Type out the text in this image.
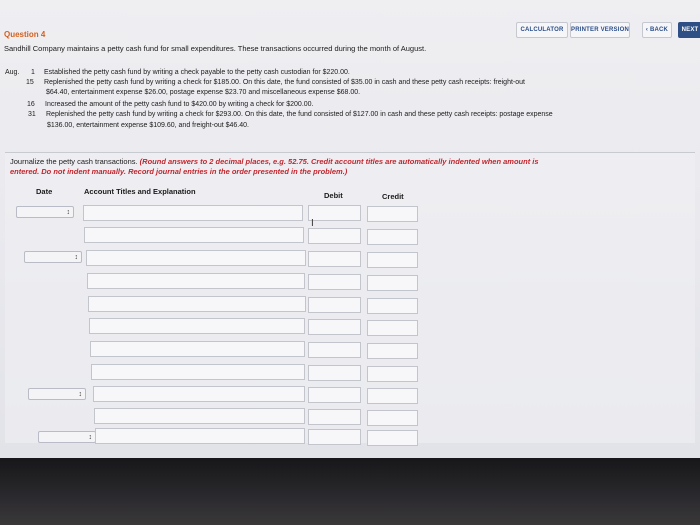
CALCULATOR	PRINTER VERSION	‹ BACK	NEXT
Question 4
Sandhill Company maintains a petty cash fund for small expenditures. These transactions occurred during the month of August.
Aug. 1 Established the petty cash fund by writing a check payable to the petty cash custodian for $220.00.
15 Replenished the petty cash fund by writing a check for $185.00. On this date, the fund consisted of $35.00 in cash and these petty cash receipts: freight-out
$64.40, entertainment expense $26.00, postage expense $23.70 and miscellaneous expense $68.00.
16 Increased the amount of the petty cash fund to $420.00 by writing a check for $200.00.
31 Replenished the petty cash fund by writing a check for $293.00. On this date, the fund consisted of $127.00 in cash and these petty cash receipts: postage expense
$136.00, entertainment expense $109.60, and freight-out $46.40.
Journalize the petty cash transactions. (Round answers to 2 decimal places, e.g. 52.75. Credit account titles are automatically indented when amount is
entered. Do not indent manually. Record journal entries in the order presented in the problem.)
Date	Account Titles and Explanation	Debit	Credit
↕
↕
↕
↕
I
